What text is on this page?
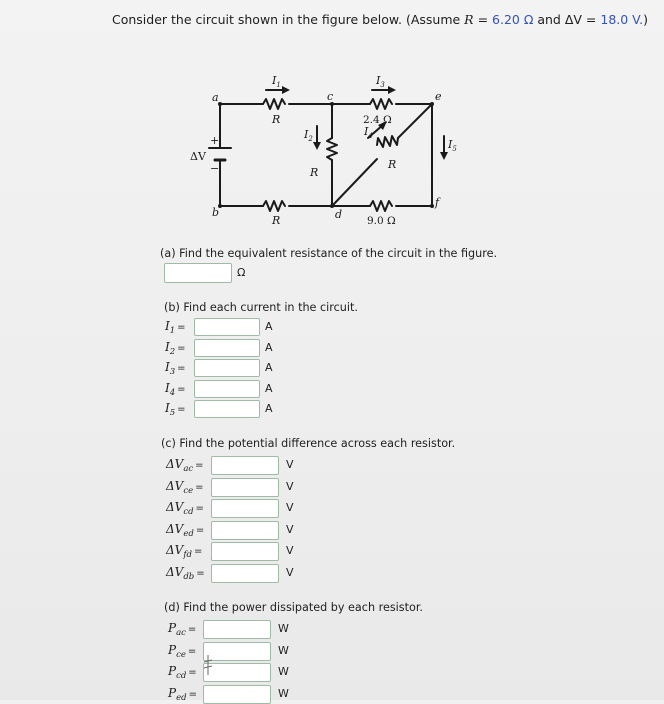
Consider the circuit shown in the figure below. (Assume R = 6.20 Ω and ΔV = 18.0 V.)
a
b
c
d
e
f
R
R
R
R
2.4 Ω
9.0 Ω
$I_1$	$I_3$
$I_2$
$I_4$
$I_5$
ΔV
+
−
(a) Find the equivalent resistance of the circuit in the figure.
Ω
(b) Find each current in the circuit.
$I_1$ =	A
$I_2$ =	A
$I_3$ =	A
$I_4$ =	A
$I_5$ =	A
(c) Find the potential difference across each resistor.
$\Delta V_{ac}$ =	V
$\Delta V_{ce}$ =	V
$\Delta V_{cd}$ =	V
$\Delta V_{ed}$ =	V
$\Delta V_{fd}$ =	V
$\Delta V_{db}$ =	V
(d) Find the power dissipated by each resistor.
$P_{ac}$ =	W
$P_{ce}$ =	W
$P_{cd}$ =	W
$P_{ed}$ =	W
